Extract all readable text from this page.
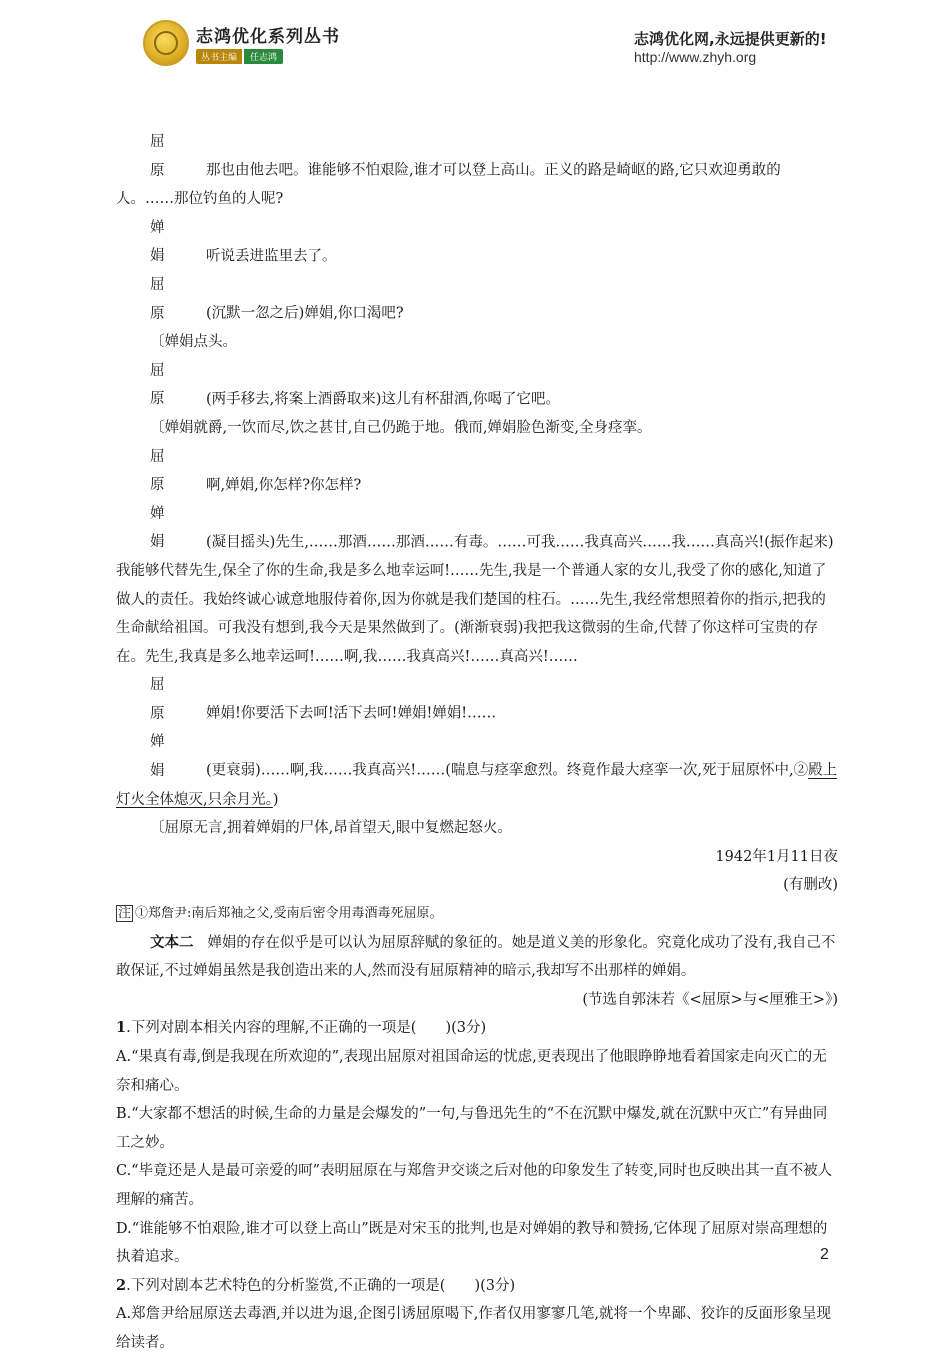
志鸿优化系列丛书
丛书主编	任志鸿
志鸿优化网,永远提供更新的!
http://www.zhyh.org

屈原 那也由他去吧。谁能够不怕艰险,谁才可以登上高山。正义的路是崎岖的路,它只欢迎勇敢的人。……那位钓鱼的人呢?

婵娟 听说丢进监里去了。

屈原 (沉默一忽之后)婵娟,你口渴吧?

〔婵娟点头。

屈原 (两手移去,将案上酒爵取来)这儿有杯甜酒,你喝了它吧。

〔婵娟就爵,一饮而尽,饮之甚甘,自己仍跪于地。俄而,婵娟脸色渐变,全身痉挛。

屈原 啊,婵娟,你怎样?你怎样?

婵娟 (凝目摇头)先生,……那酒……那酒……有毒。……可我……我真高兴……我……真高兴!(振作起来)我能够代替先生,保全了你的生命,我是多么地幸运呵!……先生,我是一个普通人家的女儿,我受了你的感化,知道了做人的责任。我始终诚心诚意地服侍着你,因为你就是我们楚国的柱石。……先生,我经常想照着你的指示,把我的生命献给祖国。可我没有想到,我今天是果然做到了。(渐渐衰弱)我把我这微弱的生命,代替了你这样可宝贵的存在。先生,我真是多么地幸运呵!……啊,我……我真高兴!……真高兴!……

屈原 婵娟!你要活下去呵!活下去呵!婵娟!婵娟!……

婵娟 (更衰弱)……啊,我……我真高兴!……(喘息与痉挛愈烈。终竟作最大痉挛一次,死于屈原怀中,②殿上灯火全体熄灭,只余月光。)

〔屈原无言,拥着婵娟的尸体,昂首望天,眼中复燃起怒火。

1942年1月11日夜

(有删改)

注 ①郑詹尹:南后郑袖之父,受南后密令用毒酒毒死屈原。

文本二 婵娟的存在似乎是可以认为屈原辞赋的象征的。她是道义美的形象化。究竟化成功了没有,我自己不敢保证,不过婵娟虽然是我创造出来的人,然而没有屈原精神的暗示,我却写不出那样的婵娟。

(节选自郭沫若《<屈原>与<厘雅王>》)

1.下列对剧本相关内容的理解,不正确的一项是(　　)(3分)

A.“果真有毒,倒是我现在所欢迎的”,表现出屈原对祖国命运的忧虑,更表现出了他眼睁睁地看着国家走向灭亡的无奈和痛心。

B.“大家都不想活的时候,生命的力量是会爆发的”一句,与鲁迅先生的“不在沉默中爆发,就在沉默中灭亡”有异曲同工之妙。

C.“毕竟还是人是最可亲爱的呵”表明屈原在与郑詹尹交谈之后对他的印象发生了转变,同时也反映出其一直不被人理解的痛苦。

D.“谁能够不怕艰险,谁才可以登上高山”既是对宋玉的批判,也是对婵娟的教导和赞扬,它体现了屈原对崇高理想的执着追求。

2.下列对剧本艺术特色的分析鉴赏,不正确的一项是(　　)(3分)

A.郑詹尹给屈原送去毒酒,并以进为退,企图引诱屈原喝下,作者仅用寥寥几笔,就将一个卑鄙、狡诈的反面形象呈现给读者。

2
